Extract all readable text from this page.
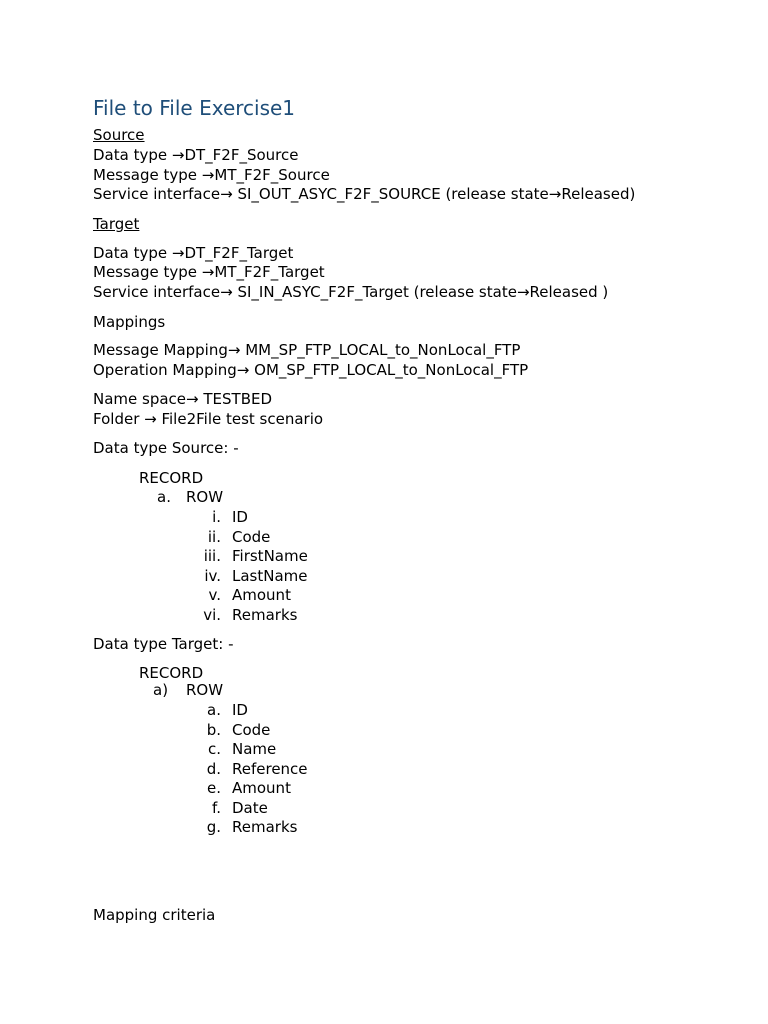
File to File Exercise1
Source
Data type →DT_F2F_Source
Message type →MT_F2F_Source
Service interface→ SI_OUT_ASYC_F2F_SOURCE (release state→Released)
Target
Data type →DT_F2F_Target
Message type →MT_F2F_Target
Service interface→ SI_IN_ASYC_F2F_Target (release state→Released )
Mappings
Message Mapping→ MM_SP_FTP_LOCAL_to_NonLocal_FTP
Operation Mapping→ OM_SP_FTP_LOCAL_to_NonLocal_FTP
Name space→ TESTBED
Folder → File2File test scenario
Data type Source: -
RECORD
a. ROW
i. ID
ii. Code
iii. FirstName
iv. LastName
v. Amount
vi. Remarks
Data type Target: -
RECORD
a)	ROW
a. ID
b. Code
c. Name
d. Reference
e. Amount
f. Date
g. Remarks
Mapping criteria
